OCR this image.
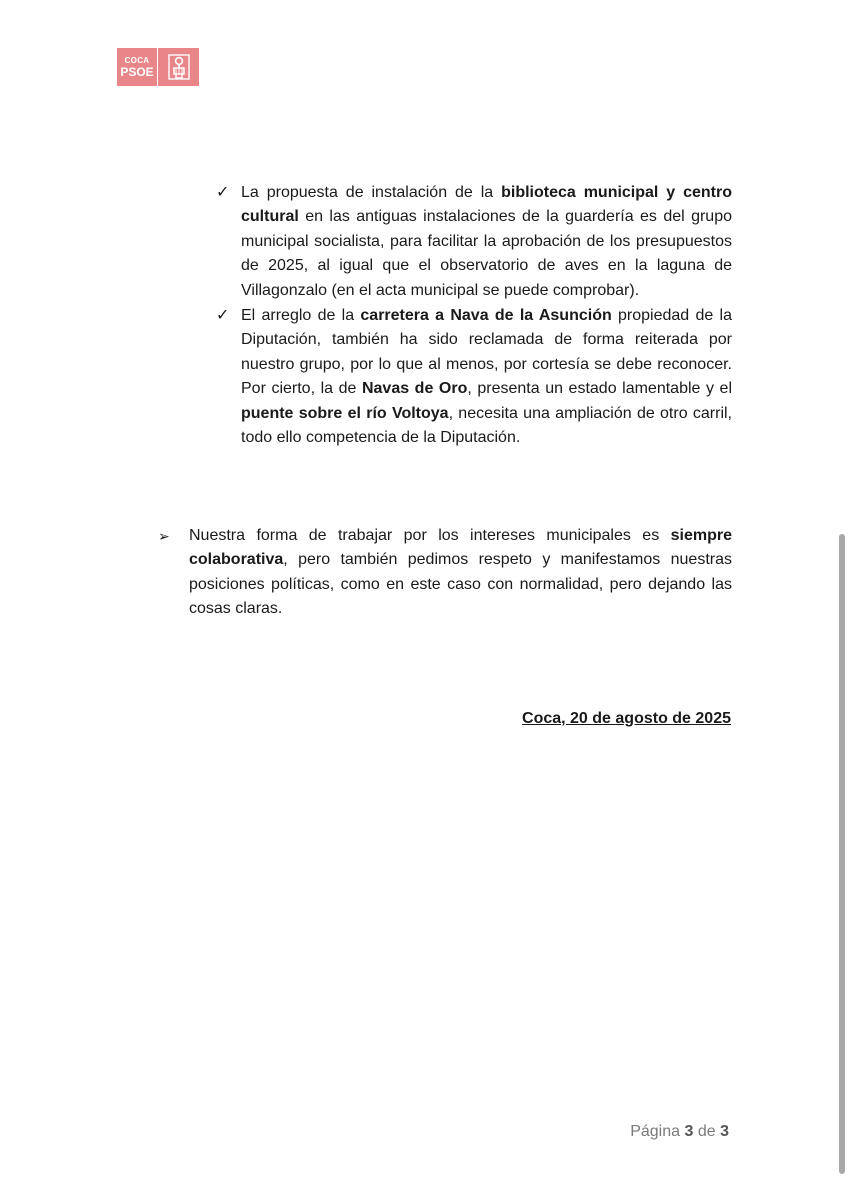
COCA
PSOE
✓ La propuesta de instalación de la biblioteca municipal y centro cultural en las antiguas instalaciones de la guardería es del grupo municipal socialista, para facilitar la aprobación de los presupuestos de 2025, al igual que el observatorio de aves en la laguna de Villagonzalo (en el acta municipal se puede comprobar).
✓ El arreglo de la carretera a Nava de la Asunción propiedad de la Diputación, también ha sido reclamada de forma reiterada por nuestro grupo, por lo que al menos, por cortesía se debe reconocer. Por cierto, la de Navas de Oro, presenta un estado lamentable y el puente sobre el río Voltoya, necesita una ampliación de otro carril, todo ello competencia de la Diputación.
➢ Nuestra forma de trabajar por los intereses municipales es siempre colaborativa, pero también pedimos respeto y manifestamos nuestras posiciones políticas, como en este caso con normalidad, pero dejando las cosas claras.
Coca, 20 de agosto de 2025
Página 3 de 3
